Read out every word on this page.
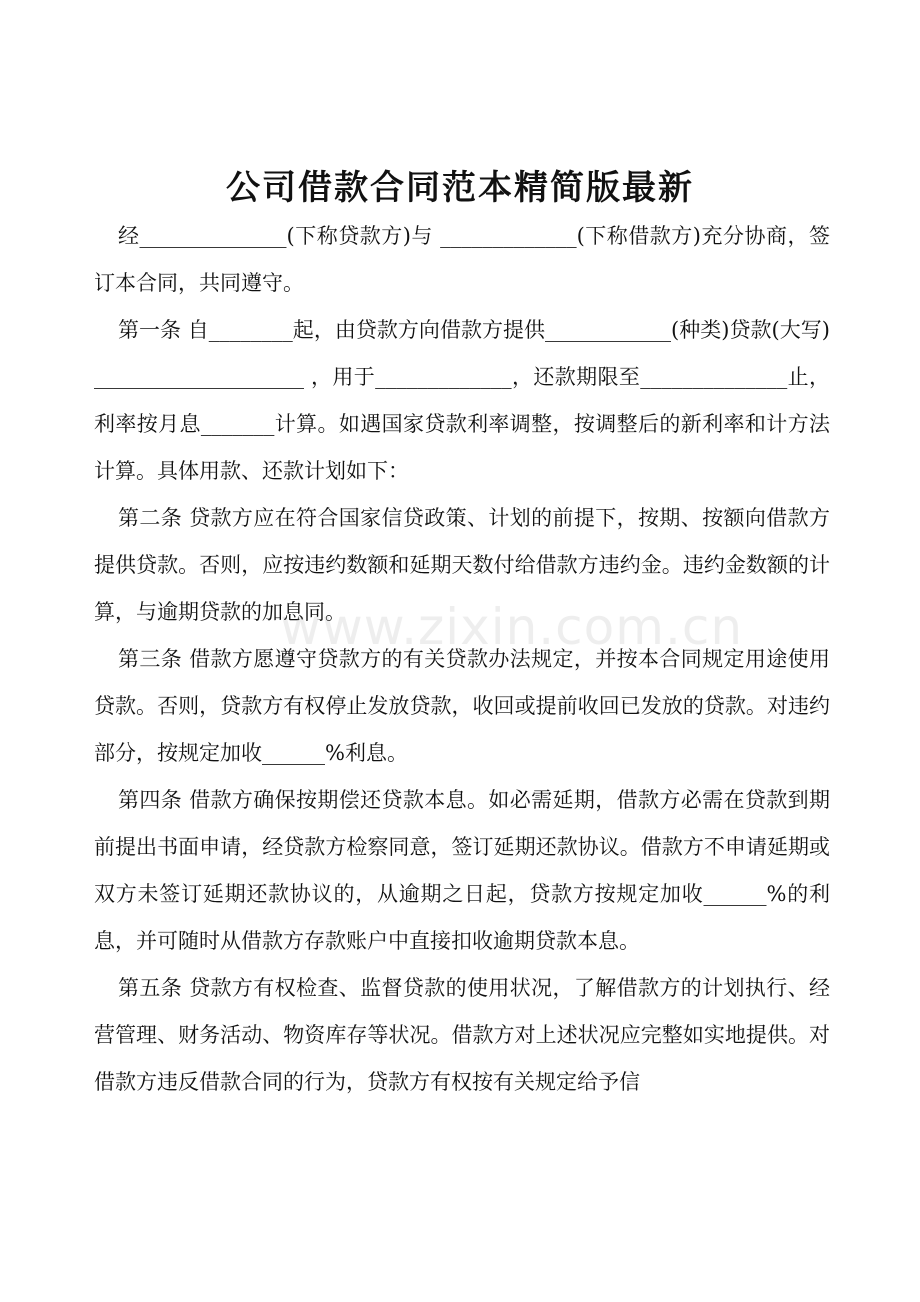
公司借款合同范本精简版最新

经______________(下称贷款方)与 _____________(下称借款方)充分协商，签订本合同，共同遵守。

第一条 自________起，由贷款方向借款方提供____________(种类)贷款(大写)____________________ ，用于_____________，还款期限至______________止，利率按月息_______计算。如遇国家贷款利率调整，按调整后的新利率和计方法计算。具体用款、还款计划如下：

第二条 贷款方应在符合国家信贷政策、计划的前提下，按期、按额向借款方提供贷款。否则，应按违约数额和延期天数付给借款方违约金。违约金数额的计算，与逾期贷款的加息同。

第三条 借款方愿遵守贷款方的有关贷款办法规定，并按本合同规定用途使用贷款。否则，贷款方有权停止发放贷款，收回或提前收回已发放的贷款。对违约部分，按规定加收______%利息。

第四条 借款方确保按期偿还贷款本息。如必需延期，借款方必需在贷款到期前提出书面申请，经贷款方检察同意，签订延期还款协议。借款方不申请延期或双方未签订延期还款协议的，从逾期之日起，贷款方按规定加收______%的利息，并可随时从借款方存款账户中直接扣收逾期贷款本息。

第五条 贷款方有权检查、监督贷款的使用状况，了解借款方的计划执行、经营管理、财务活动、物资库存等状况。借款方对上述状况应完整如实地提供。对借款方违反借款合同的行为，贷款方有权按有关规定给予信

www.zixin.com.cn
